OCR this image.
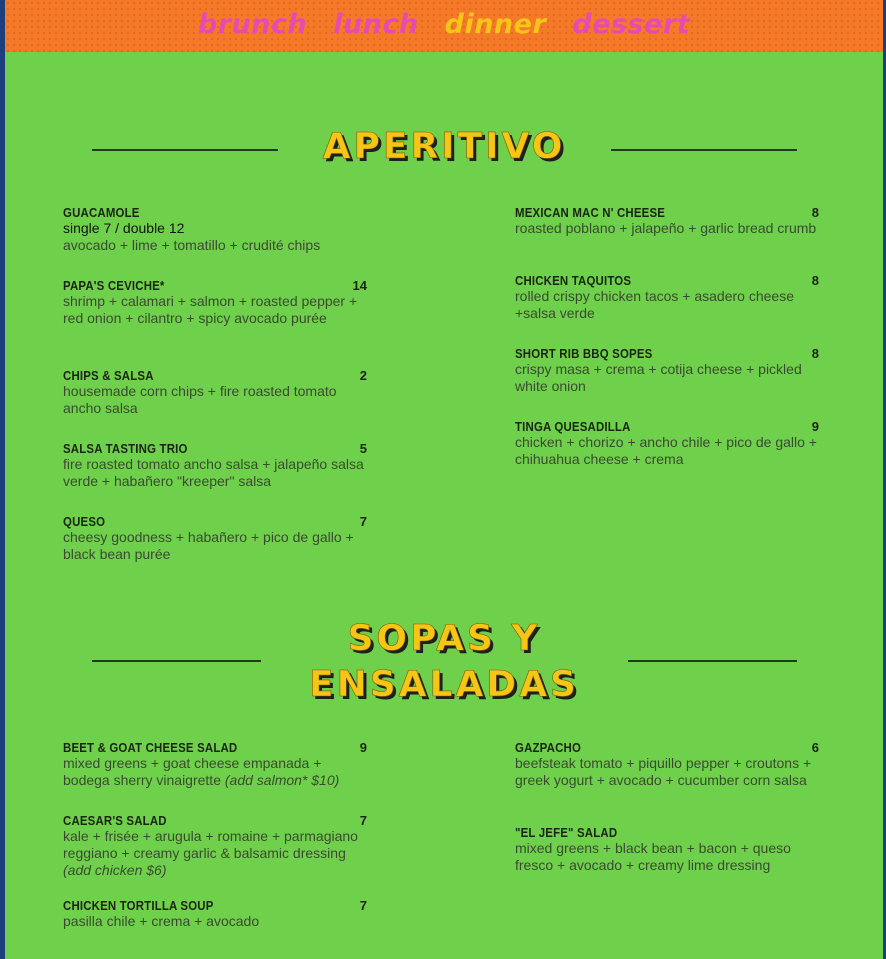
brunch lunch dinner dessert
APERITIVO
GUACAMOLE
single 7 / double 12
avocado + lime + tomatillo + crudité chips
PAPA'S CEVICHE*	14
shrimp + calamari + salmon + roasted pepper + red onion + cilantro + spicy avocado purée
CHIPS & SALSA	2
housemade corn chips + fire roasted tomato ancho salsa
SALSA TASTING TRIO	5
fire roasted tomato ancho salsa + jalapeño salsa verde + habañero "kreeper" salsa
QUESO	7
cheesy goodness + habañero + pico de gallo + black bean purée
MEXICAN MAC N' CHEESE	8
roasted poblano + jalapeño + garlic bread crumb
CHICKEN TAQUITOS	8
rolled crispy chicken tacos + asadero cheese +salsa verde
SHORT RIB BBQ SOPES	8
crispy masa + crema + cotija cheese + pickled white onion
TINGA QUESADILLA	9
chicken + chorizo + ancho chile + pico de gallo + chihuahua cheese + crema
SOPAS Y
ENSALADAS
BEET & GOAT CHEESE SALAD	9
mixed greens + goat cheese empanada + bodega sherry vinaigrette (add salmon* $10)
CAESAR'S SALAD	7
kale + frisée + arugula + romaine + parmagiano reggiano + creamy garlic & balsamic dressing (add chicken $6)
CHICKEN TORTILLA SOUP	7
pasilla chile + crema + avocado
GAZPACHO	6
beefsteak tomato + piquillo pepper + croutons + greek yogurt + avocado + cucumber corn salsa
"EL JEFE" SALAD
mixed greens + black bean + bacon + queso fresco + avocado + creamy lime dressing
